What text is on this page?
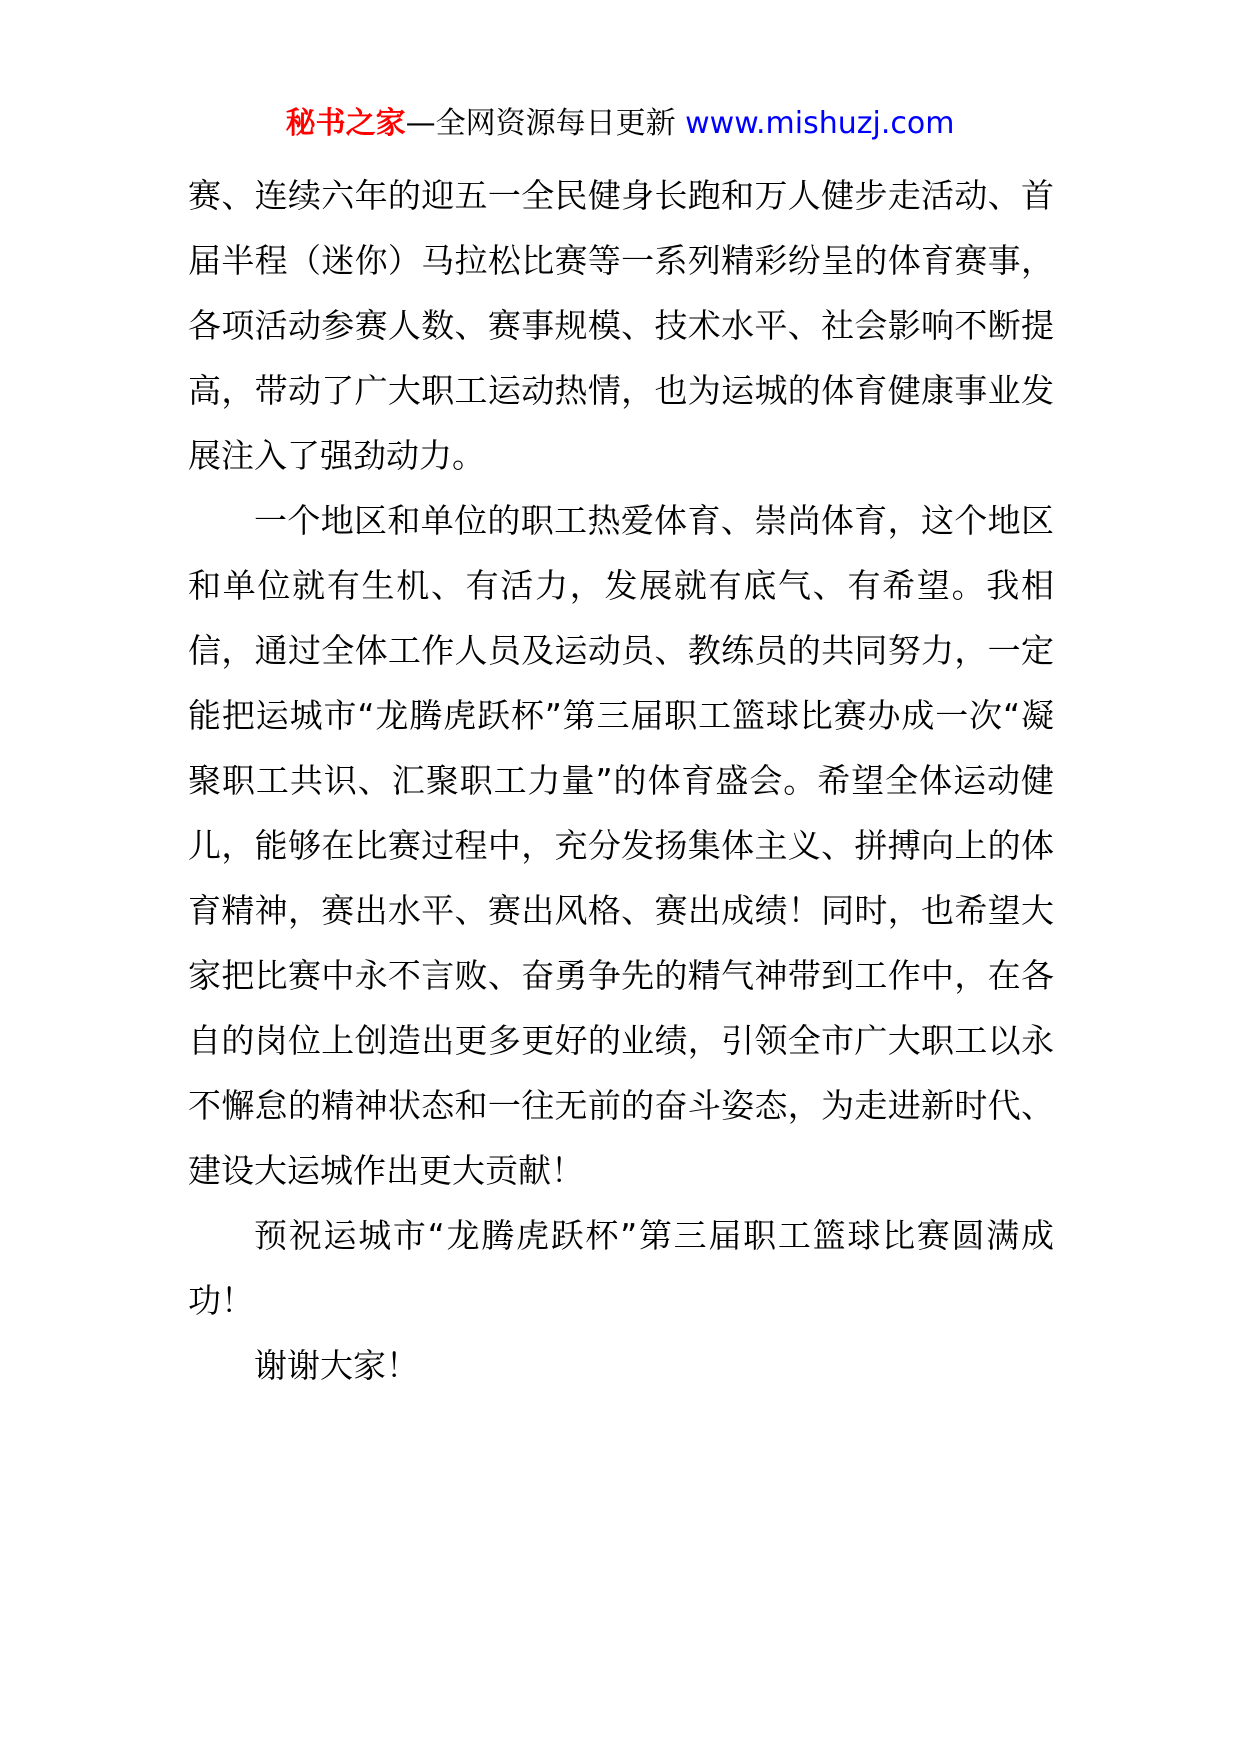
秘书之家—全网资源每日更新 www.mishuzj.com

赛、连续六年的迎五一全民健身长跑和万人健步走活动、首届半程（迷你）马拉松比赛等一系列精彩纷呈的体育赛事，各项活动参赛人数、赛事规模、技术水平、社会影响不断提高，带动了广大职工运动热情，也为运城的体育健康事业发展注入了强劲动力。

一个地区和单位的职工热爱体育、崇尚体育，这个地区和单位就有生机、有活力，发展就有底气、有希望。我相信，通过全体工作人员及运动员、教练员的共同努力，一定能把运城市“龙腾虎跃杯”第三届职工篮球比赛办成一次“凝聚职工共识、汇聚职工力量”的体育盛会。希望全体运动健儿，能够在比赛过程中，充分发扬集体主义、拼搏向上的体育精神，赛出水平、赛出风格、赛出成绩！同时，也希望大家把比赛中永不言败、奋勇争先的精气神带到工作中，在各自的岗位上创造出更多更好的业绩，引领全市广大职工以永不懈怠的精神状态和一往无前的奋斗姿态，为走进新时代、建设大运城作出更大贡献！

预祝运城市“龙腾虎跃杯”第三届职工篮球比赛圆满成功！

谢谢大家！
